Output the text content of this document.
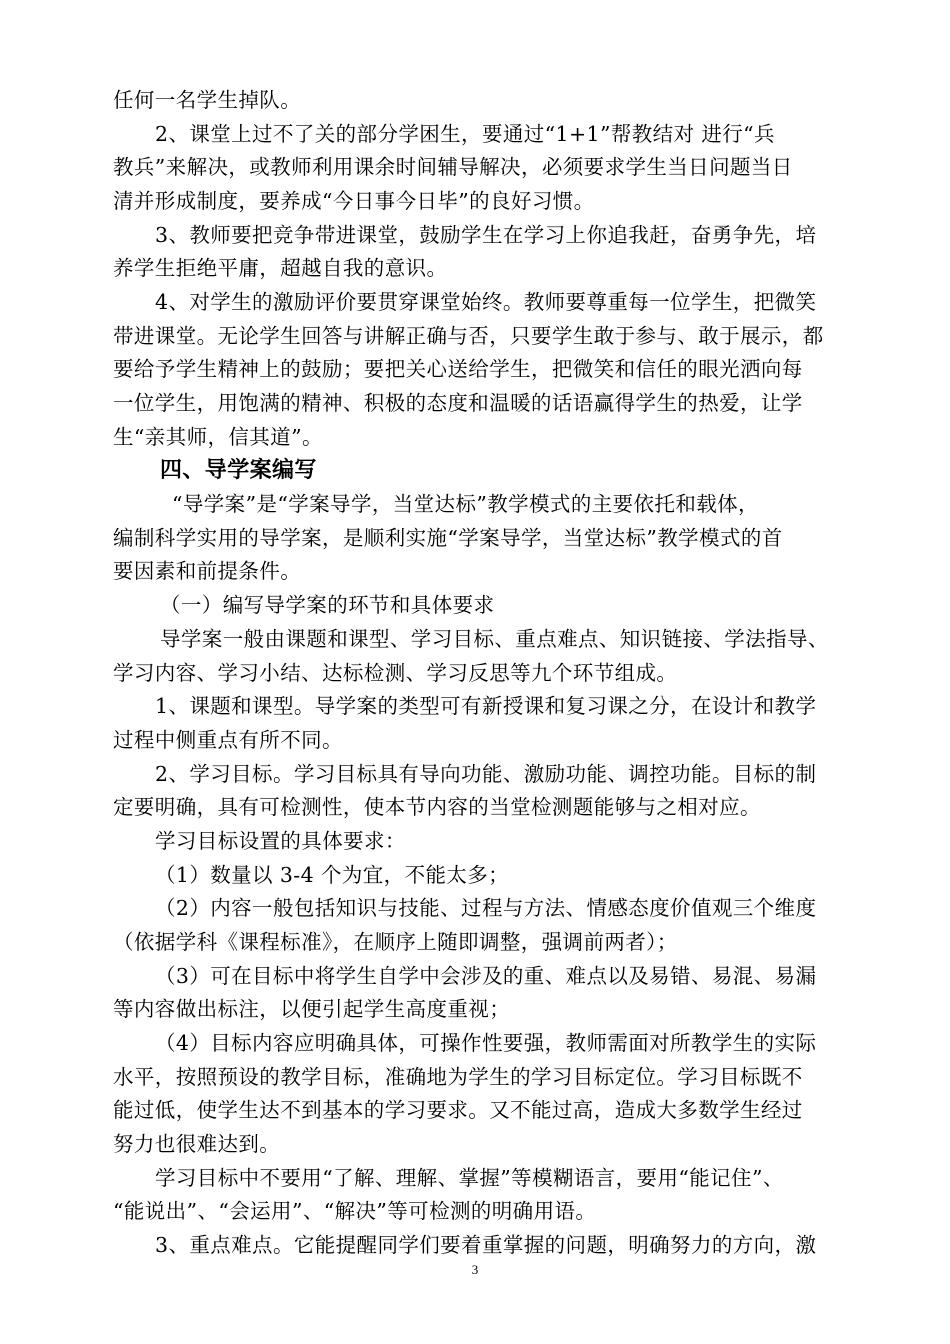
任何一名学生掉队。
2、课堂上过不了关的部分学困生，要通过“1+1”帮教结对 进行“兵
教兵”来解决，或教师利用课余时间辅导解决，必须要求学生当日问题当日
清并形成制度，要养成“今日事今日毕”的良好习惯。
3、教师要把竞争带进课堂，鼓励学生在学习上你追我赶，奋勇争先，培
养学生拒绝平庸，超越自我的意识。
4、对学生的激励评价要贯穿课堂始终。教师要尊重每一位学生，把微笑
带进课堂。无论学生回答与讲解正确与否，只要学生敢于参与、敢于展示，都
要给予学生精神上的鼓励；要把关心送给学生，把微笑和信任的眼光洒向每
一位学生，用饱满的精神、积极的态度和温暖的话语赢得学生的热爱，让学
生“亲其师，信其道”。
四、导学案编写
“导学案”是“学案导学，当堂达标”教学模式的主要依托和载体，
编制科学实用的导学案，是顺利实施“学案导学，当堂达标”教学模式的首
要因素和前提条件。
（一）编写导学案的环节和具体要求
导学案一般由课题和课型、学习目标、重点难点、知识链接、学法指导、
学习内容、学习小结、达标检测、学习反思等九个环节组成。
1、课题和课型。导学案的类型可有新授课和复习课之分，在设计和教学
过程中侧重点有所不同。
2、学习目标。学习目标具有导向功能、激励功能、调控功能。目标的制
定要明确，具有可检测性，使本节内容的当堂检测题能够与之相对应。
学习目标设置的具体要求：
（1）数量以 3-4 个为宜，不能太多；
（2）内容一般包括知识与技能、过程与方法、情感态度价值观三个维度
（依据学科《课程标准》，在顺序上随即调整，强调前两者）；
（3）可在目标中将学生自学中会涉及的重、难点以及易错、易混、易漏
等内容做出标注，以便引起学生高度重视；
（4）目标内容应明确具体，可操作性要强，教师需面对所教学生的实际
水平，按照预设的教学目标，准确地为学生的学习目标定位。学习目标既不
能过低，使学生达不到基本的学习要求。又不能过高，造成大多数学生经过
努力也很难达到。
学习目标中不要用“了解、理解、掌握”等模糊语言，要用“能记住”、
“能说出”、“会运用”、“解决”等可检测的明确用语。
3、重点难点。它能提醒同学们要着重掌握的问题，明确努力的方向，激
3
